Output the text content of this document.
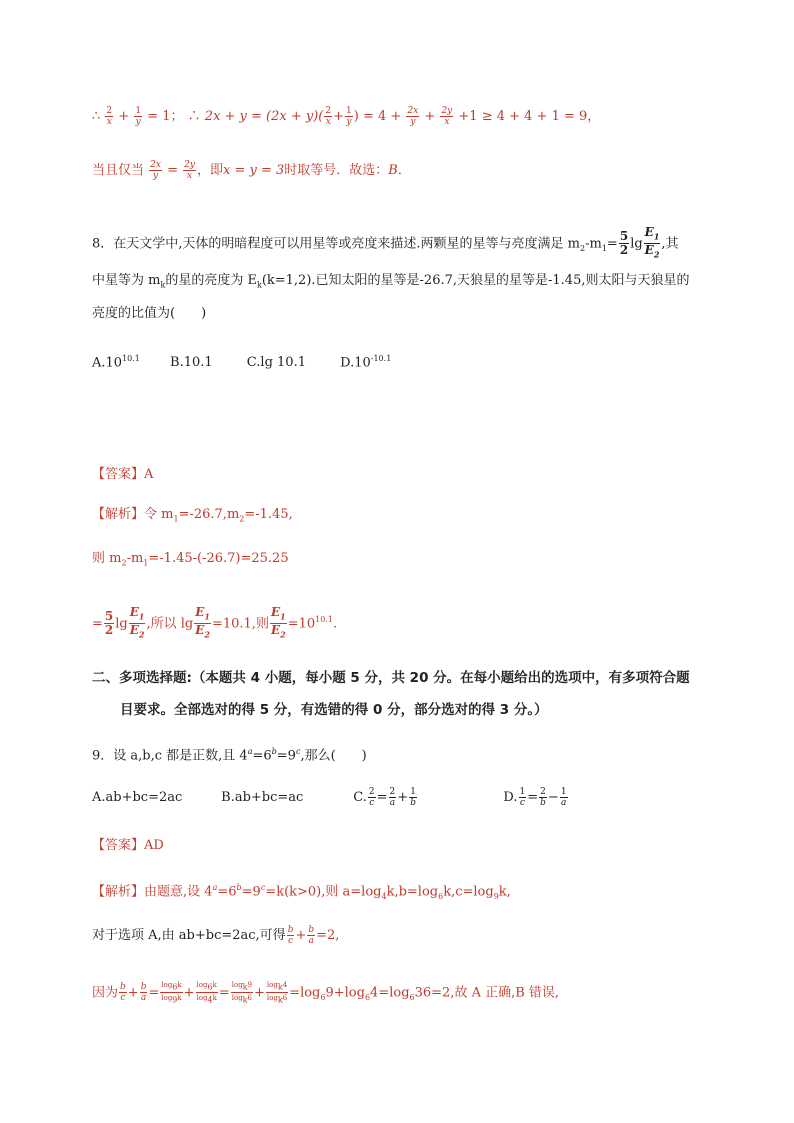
∴ $\frac{2}{x} + \frac{1}{y} = 1$； ∴ $2x + y = (2x + y)( \frac{2}{x} + \frac{1}{y}$ ) = $4 + \frac{2x}{y} + \frac{2y}{x} +1 \ge 4 + 4 + 1 = 9$，
当且仅当 $\frac{2x}{y} = \frac{2y}{x}$ ，即x = y = 3时取等号．故选：B．
8．在天文学中,天体的明暗程度可以用星等或亮度来描述.两颗星的星等与亮度满足 $m_2-m_1= \frac{5}{2}$ $\lg \frac{E_1}{E_2}$ ,其
中星等为 $m_k$的星的亮度为 $E_k(k=1,2)$.已知太阳的星等是-26.7,天狼星的星等是-1.45,则太阳与天狼星的
亮度的比值为(　　)
$A.10^{10.1}$ B.10.1	C.lg 10.1	$D.10^{-10.1}$
【答案】A
【解析】令 $m_1=-26.7,m_2=-1.45$,
则 $m_2-m_1=-1.45-(-26.7)=25.25$
= $\frac{5}{2}$ $\lg \frac{E_1}{E_2}$ ,所以 $\lg \frac{E_1}{E_2} =10.1$,则 $\frac{E_1}{E_2} =10^{10.1}$.
二、多项选择题:（本题共 4 小题，每小题 5 分，共 20 分。在每小题给出的选项中，有多项符合题
目要求。全部选对的得 5 分，有选错的得 0 分，部分选对的得 3 分。）
9．设 a,b,c 都是正数,且 $4^a=6^b=9^c$,那么(　　)
A.ab+bc=2ac	B.ab+bc=ac	C. $\frac{2}{c} = \frac{2}{a} + \frac{1}{b}$	D. $\frac{1}{c} = \frac{2}{b} - \frac{1}{a}$
【答案】AD
【解析】由题意,设 $4^a=6^b=9^c=k(k>0)$,则 $a=\log_4k,b=\log_6k,c=\log_9k$,
对于选项 A,由 ab+bc=2ac,可得 $\frac{b}{c} + \frac{b}{a} =2$,
因为 $\frac{b}{c} + \frac{b}{a} = \frac{\log 6k}{\log 9k} + \frac{\log 6k}{\log 4k} = \frac{\log k9}{\log k6} + \frac{\log k4}{\log k6} =\log_69+\log_64=\log_636=2$,故 A 正确,B 错误,
